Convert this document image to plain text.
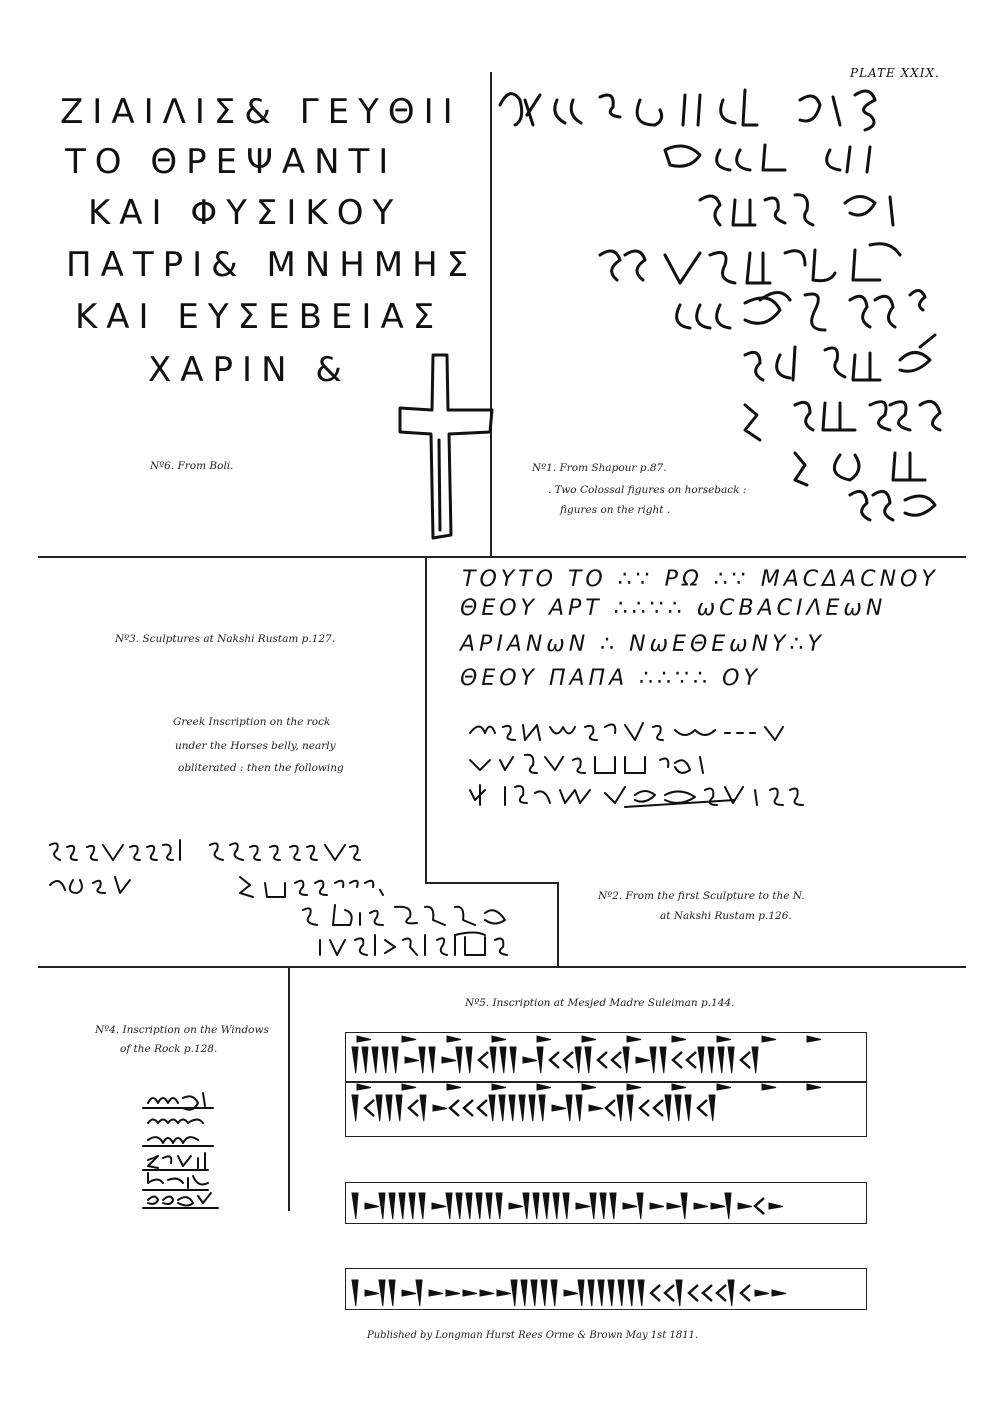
PLATE XXIX.
ΖΙΑΙΛΙΣ& ΓΕΥΘΙΙ
ΤΟ ΘΡΕΨΑΝΤΙ
ΚΑΙ ΦΥΣΙΚΟΥ
ΠΑΤΡΙ& ΜΝΗΜΗΣ
ΚΑΙ ΕΥΣΕΒΕΙΑΣ
ΧΑΡΙΝ &
Nº6. From Boli.	Nº1. From Shapour p.87.
. Two Colossal figures on horseback :
figures on the right .
Nº3. Sculptures at Nakshi Rustam p.127.
Greek Inscription on the rock
under the Horses belly, nearly
obliterated : then the following
ΤΟΥΤΟ ΤΟ ∴∵ ΡΩ ∴∵ ΜΑCΔΑCΝΟΥ
ΘΕΟΥ ΑΡΤ ∴∴∵∴ ωCΒΑCΙΛΕωΝ
ΑΡΙΑΝωΝ ∴ ΝωΕΘΕωΝΥ∴Υ
ΘΕΟΥ ΠΑΠΑ ∴∴∵∴ ΟΥ
Nº2. From the first Sculpture to the N.
at Nakshi Rustam p.126.
Nº4. Inscription on the Windows
of the Rock p.128.
Nº5. Inscription at Mesjed Madre Suleiman p.144.
Published by Longman Hurst Rees Orme & Brown May 1st 1811.
